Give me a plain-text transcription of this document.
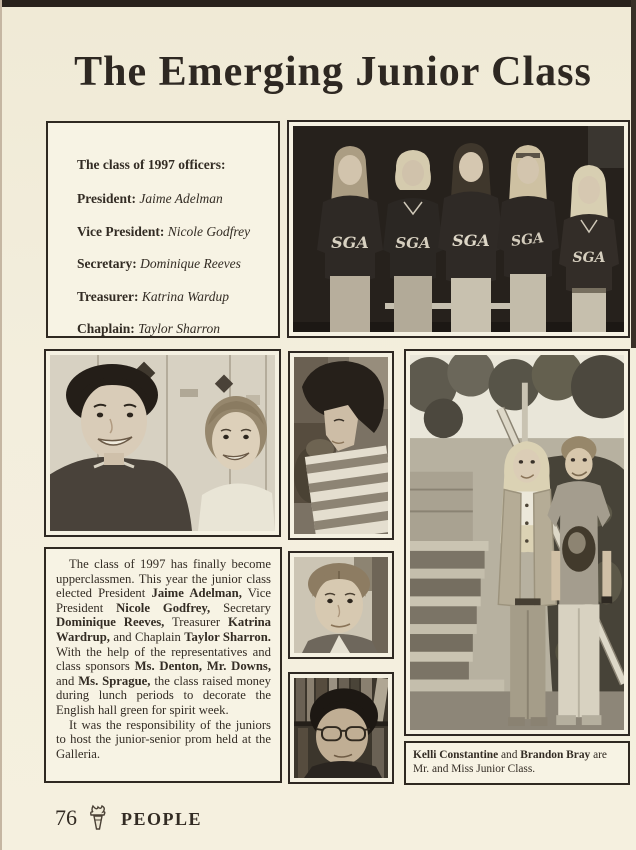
The Emerging Junior Class

The class of 1997 officers:

President: Jaime Adelman
Vice President: Nicole Godfrey
Secretary: Dominique Reeves
Treasurer: Katrina Wardup
Chaplain: Taylor Sharron
SGA SGA SGA SGA
SGA

The class of 1997 has finally become upperclassmen. This year the junior class elected President Jaime Adelman, Vice President Nicole Godfrey, Secretary Dominique Reeves, Treasurer Katrina Wardrup, and Chaplain Taylor Sharron. With the help of the representatives and class sponsors Ms. Denton, Mr. Downs, and Ms. Sprague, the class raised money during lunch periods to decorate the English hall green for spirit week.

It was the responsibility of the juniors to host the junior-senior prom held at the Galleria.	Kelli Constantine and Brandon Bray are Mr. and Miss Junior Class.

76 PEOPLE
